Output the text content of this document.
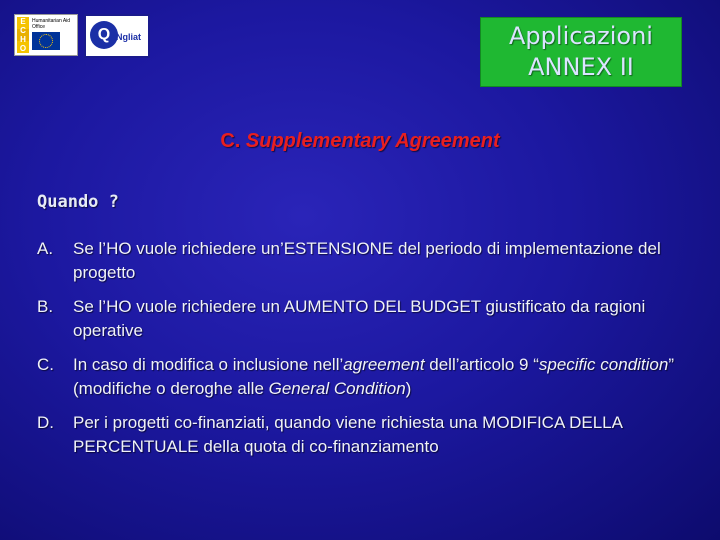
E
C
H
O
Humanitarian Aid Office	Q Ngliat	Applicazioni
ANNEX II
C. Supplementary Agreement
Quando ?
A.	Se l’HO vuole richiedere un’ESTENSIONE del periodo di implementazione del progetto
B.	Se l’HO vuole richiedere un AUMENTO DEL BUDGET giustificato da ragioni operative
C.	In caso di modifica o inclusione nell’agreement dell’articolo 9 “specific condition” (modifiche o deroghe alle General Condition)
D.	Per i progetti co-finanziati, quando viene richiesta una MODIFICA DELLA PERCENTUALE della quota di co-finanziamento
